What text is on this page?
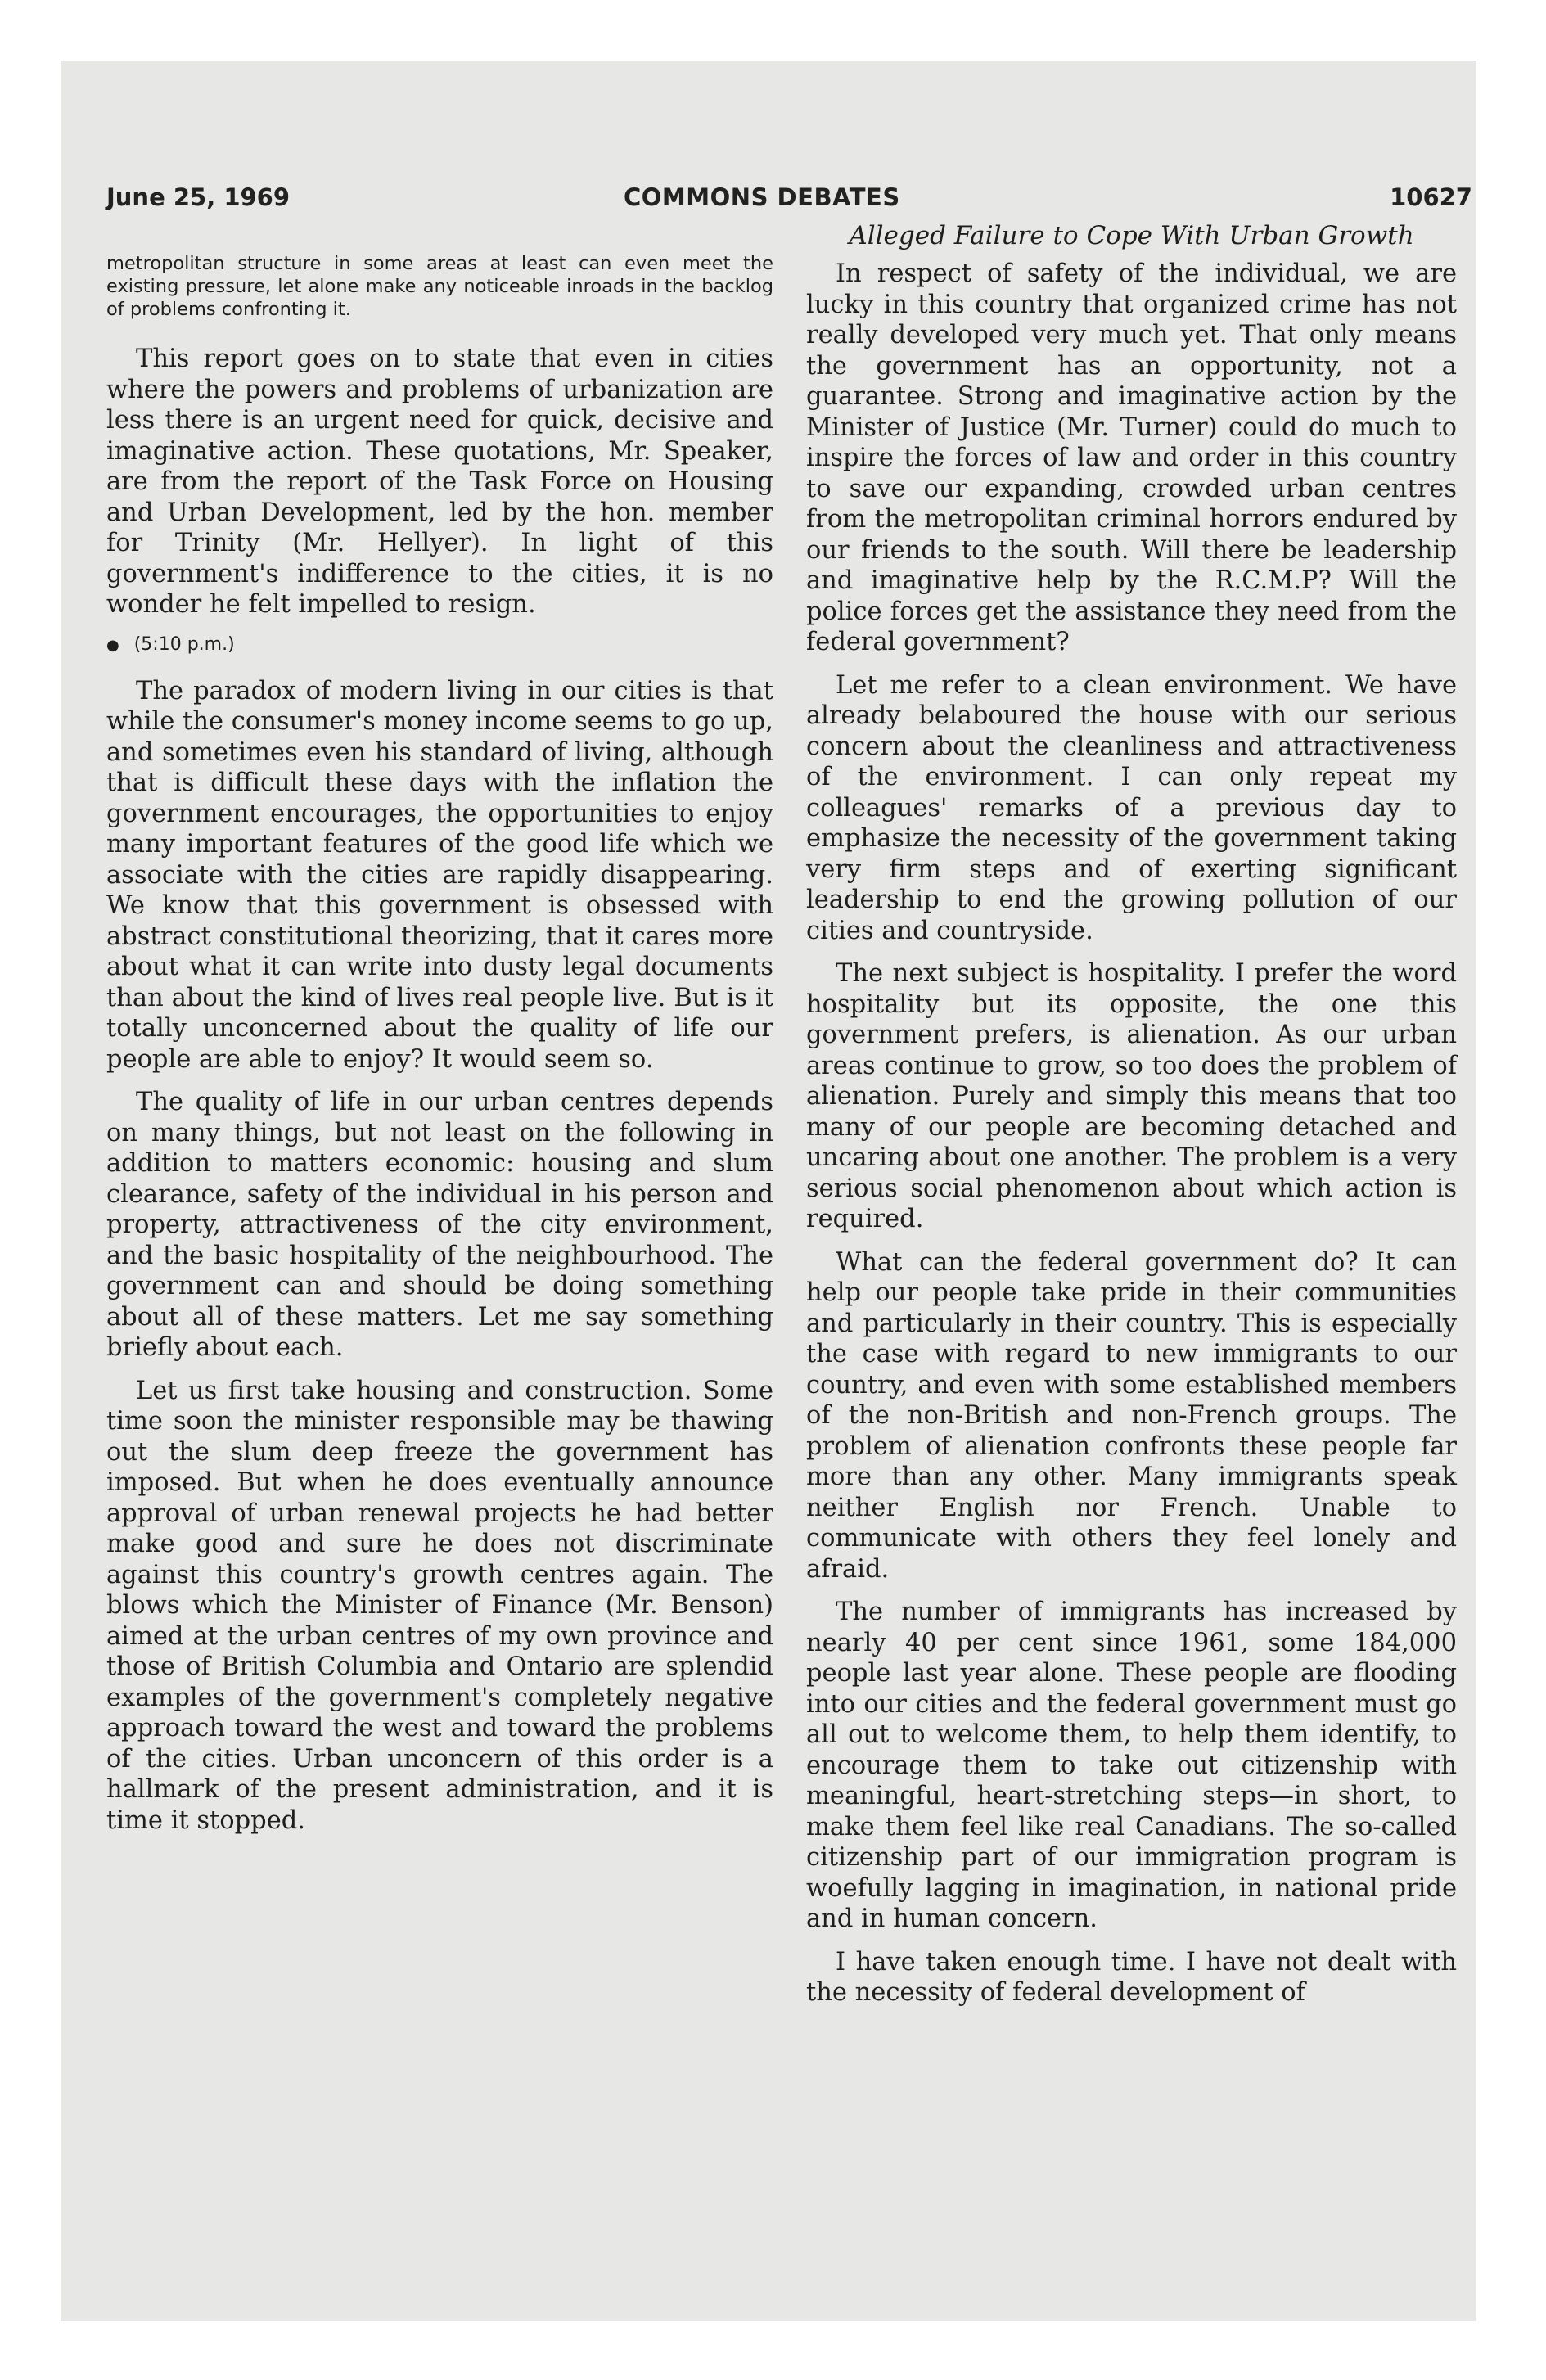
June 25, 1969	COMMONS DEBATES	10627

metropolitan structure in some areas at least can even meet the existing pressure, let alone make any noticeable inroads in the backlog of problems confronting it.

This report goes on to state that even in cities where the powers and problems of urbanization are less there is an urgent need for quick, decisive and imaginative action. These quotations, Mr. Speaker, are from the report of the Task Force on Housing and Urban Development, led by the hon. member for Trinity (Mr. Hellyer). In light of this government's indifference to the cities, it is no wonder he felt impelled to resign.

● (5:10 p.m.)

The paradox of modern living in our cities is that while the consumer's money income seems to go up, and sometimes even his standard of living, although that is difficult these days with the inflation the government encourages, the opportunities to enjoy many important features of the good life which we associate with the cities are rapidly disappearing. We know that this government is obsessed with abstract constitutional theorizing, that it cares more about what it can write into dusty legal documents than about the kind of lives real people live. But is it totally unconcerned about the quality of life our people are able to enjoy? It would seem so.

The quality of life in our urban centres depends on many things, but not least on the following in addition to matters economic: housing and slum clearance, safety of the individual in his person and property, attractiveness of the city environment, and the basic hospitality of the neighbourhood. The government can and should be doing something about all of these matters. Let me say something briefly about each.

Let us first take housing and construction. Some time soon the minister responsible may be thawing out the slum deep freeze the government has imposed. But when he does eventually announce approval of urban renewal projects he had better make good and sure he does not discriminate against this country's growth centres again. The blows which the Minister of Finance (Mr. Benson) aimed at the urban centres of my own province and those of British Columbia and Ontario are splendid examples of the government's completely negative approach toward the west and toward the problems of the cities. Urban unconcern of this order is a hallmark of the present administration, and it is time it stopped.

Alleged Failure to Cope With Urban Growth

In respect of safety of the individual, we are lucky in this country that organized crime has not really developed very much yet. That only means the government has an opportunity, not a guarantee. Strong and imaginative action by the Minister of Justice (Mr. Turner) could do much to inspire the forces of law and order in this country to save our expanding, crowded urban centres from the metropolitan criminal horrors endured by our friends to the south. Will there be leadership and imaginative help by the R.C.M.P? Will the police forces get the assistance they need from the federal government?

Let me refer to a clean environment. We have already belaboured the house with our serious concern about the cleanliness and attractiveness of the environment. I can only repeat my colleagues' remarks of a previous day to emphasize the necessity of the government taking very firm steps and of exerting significant leadership to end the growing pollution of our cities and countryside.

The next subject is hospitality. I prefer the word hospitality but its opposite, the one this government prefers, is alienation. As our urban areas continue to grow, so too does the problem of alienation. Purely and simply this means that too many of our people are becoming detached and uncaring about one another. The problem is a very serious social phenomenon about which action is required.

What can the federal government do? It can help our people take pride in their communities and particularly in their country. This is especially the case with regard to new immigrants to our country, and even with some established members of the non-British and non-French groups. The problem of alienation confronts these people far more than any other. Many immigrants speak neither English nor French. Unable to communicate with others they feel lonely and afraid.

The number of immigrants has increased by nearly 40 per cent since 1961, some 184,000 people last year alone. These people are flooding into our cities and the federal government must go all out to welcome them, to help them identify, to encourage them to take out citizenship with meaningful, heart-stretching steps—in short, to make them feel like real Canadians. The so-called citizenship part of our immigration program is woefully lagging in imagination, in national pride and in human concern.

I have taken enough time. I have not dealt with the necessity of federal development of
